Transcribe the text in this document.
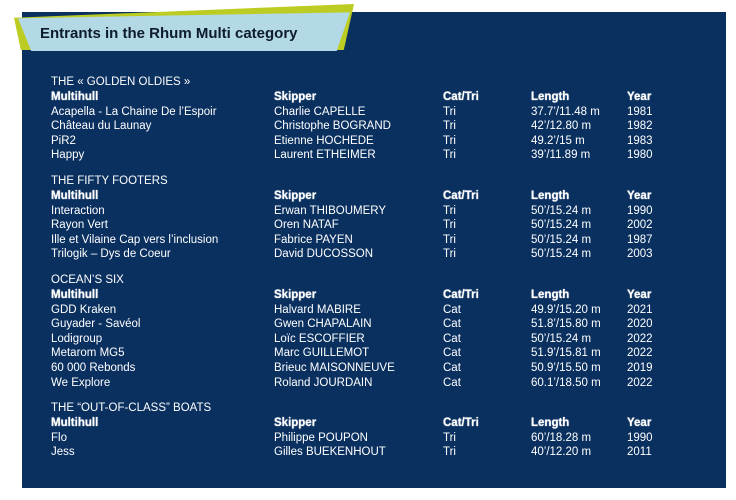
Entrants in the Rhum Multi category
THE « GOLDEN OLDIES »
Multihull	Skipper	Cat/Tri	Length	Year
Acapella - La Chaine De l’Espoir	Charlie CAPELLE	Tri	37.7’/11.48 m 1981
Château du Launay	Christophe BOGRAND	Tri	42’/12.80 m	1982
PiR2	Etienne HOCHEDE	Tri	49.2’/15 m	1983
Happy	Laurent ETHEIMER	Tri	39’/11.89 m	1980
THE FIFTY FOOTERS
Multihull	Skipper	Cat/Tri	Length	Year
Interaction	Erwan THIBOUMERY	Tri	50’/15.24 m	1990
Rayon Vert	Oren NATAF	Tri	50’/15.24 m	2002
Ille et Vilaine Cap vers l’inclusion	Fabrice PAYEN	Tri	50’/15.24 m	1987
Trilogik – Dys de Coeur	David DUCOSSON	Tri	50’/15.24 m	2003
OCEAN’S SIX
Multihull	Skipper	Cat/Tri	Length	Year
GDD Kraken	Halvard MABIRE	Cat	49.9’/15.20 m 2021
Guyader - Savéol	Gwen CHAPALAIN	Cat	51.8’/15.80 m 2020
Lodigroup	Loïc ESCOFFIER	Cat	50’/15.24 m	2022
Metarom MG5	Marc GUILLEMOT	Cat	51.9’/15.81 m 2022
60 000 Rebonds	Brieuc MAISONNEUVE	Cat	50.9’/15.50 m 2019
We Explore	Roland JOURDAIN	Cat	60.1’/18.50 m 2022
THE “OUT-OF-CLASS” BOATS
Multihull	Skipper	Cat/Tri	Length	Year
Flo	Philippe POUPON	Tri	60’/18.28 m	1990
Jess	Gilles BUEKENHOUT	Tri	40’/12.20 m	2011
